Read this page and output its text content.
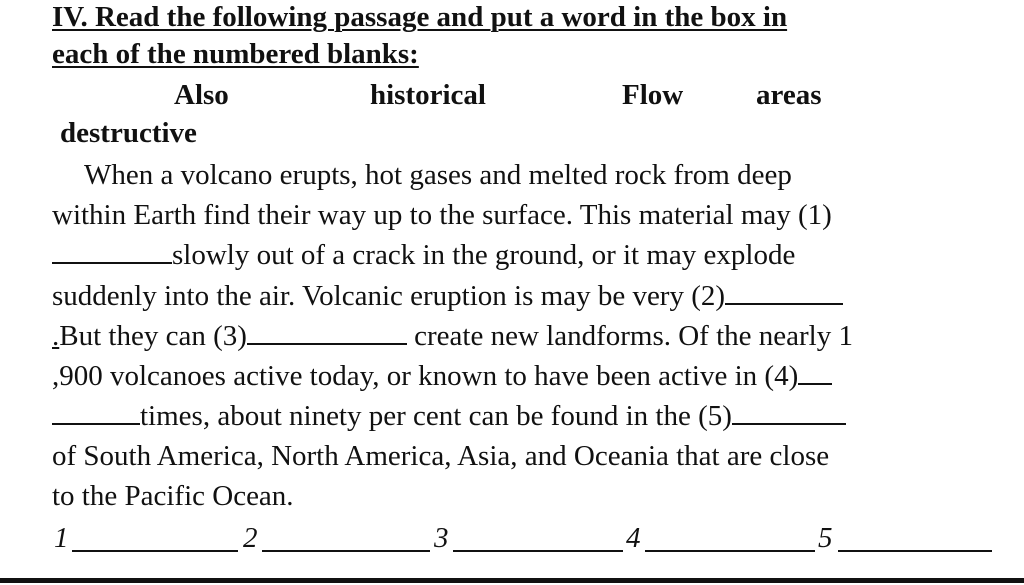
IV. Read the following passage and put a word in the box in
each of the numbered blanks:
Also	historical	Flow	areas
destructive
When a volcano erupts, hot gases and melted rock from deep
within Earth find their way up to the surface. This material may (1)
slowly out of a crack in the ground, or it may explode
suddenly into the air. Volcanic eruption is may be very (2)
.But they can (3)	create new landforms. Of the nearly 1
,900 volcanoes active today, or known to have been active in (4)
times, about ninety per cent can be found in the (5)
of South America, North America, Asia, and Oceania that are close
to the Pacific Ocean.
1	2	3	4	5
